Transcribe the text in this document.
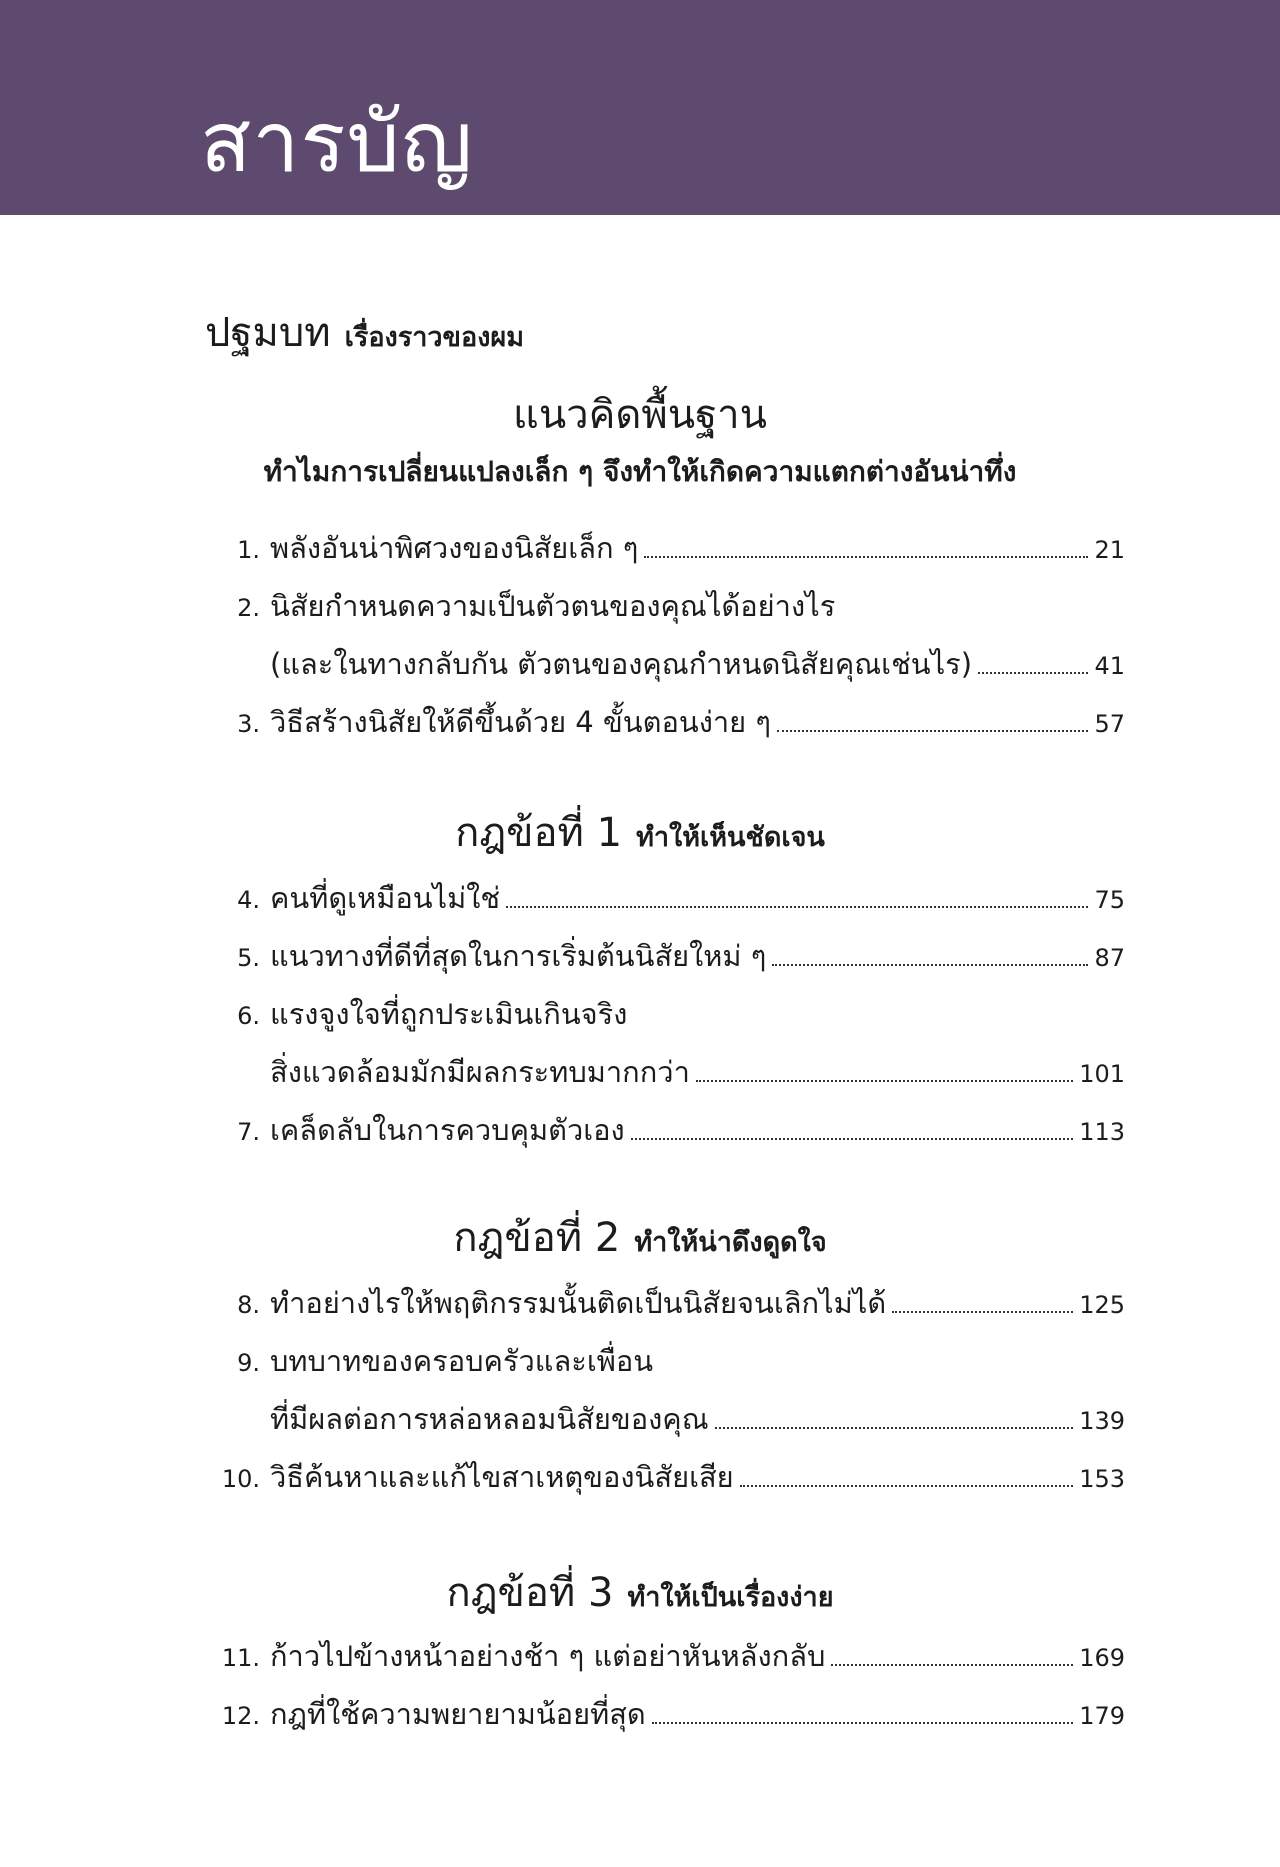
สารบัญ
ปฐมบท เรื่องราวของผม
แนวคิดพื้นฐาน
ทำไมการเปลี่ยนแปลงเล็ก ๆ จึงทำให้เกิดความแตกต่างอันน่าทึ่ง
1. พลังอันน่าพิศวงของนิสัยเล็ก ๆ	21
2. นิสัยกำหนดความเป็นตัวตนของคุณได้อย่างไร
(และในทางกลับกัน ตัวตนของคุณกำหนดนิสัยคุณเช่นไร)	41
3. วิธีสร้างนิสัยให้ดีขึ้นด้วย 4 ขั้นตอนง่าย ๆ	57
กฎข้อที่ 1 ทำให้เห็นชัดเจน
4. คนที่ดูเหมือนไม่ใช่	75
5. แนวทางที่ดีที่สุดในการเริ่มต้นนิสัยใหม่ ๆ	87
6. แรงจูงใจที่ถูกประเมินเกินจริง
สิ่งแวดล้อมมักมีผลกระทบมากกว่า	101
7. เคล็ดลับในการควบคุมตัวเอง	113
กฎข้อที่ 2 ทำให้น่าดึงดูดใจ
8. ทำอย่างไรให้พฤติกรรมนั้นติดเป็นนิสัยจนเลิกไม่ได้	125
9. บทบาทของครอบครัวและเพื่อน
ที่มีผลต่อการหล่อหลอมนิสัยของคุณ	139
10. วิธีค้นหาและแก้ไขสาเหตุของนิสัยเสีย	153
กฎข้อที่ 3 ทำให้เป็นเรื่องง่าย
11. ก้าวไปข้างหน้าอย่างช้า ๆ แต่อย่าหันหลังกลับ	169
12. กฎที่ใช้ความพยายามน้อยที่สุด	179
